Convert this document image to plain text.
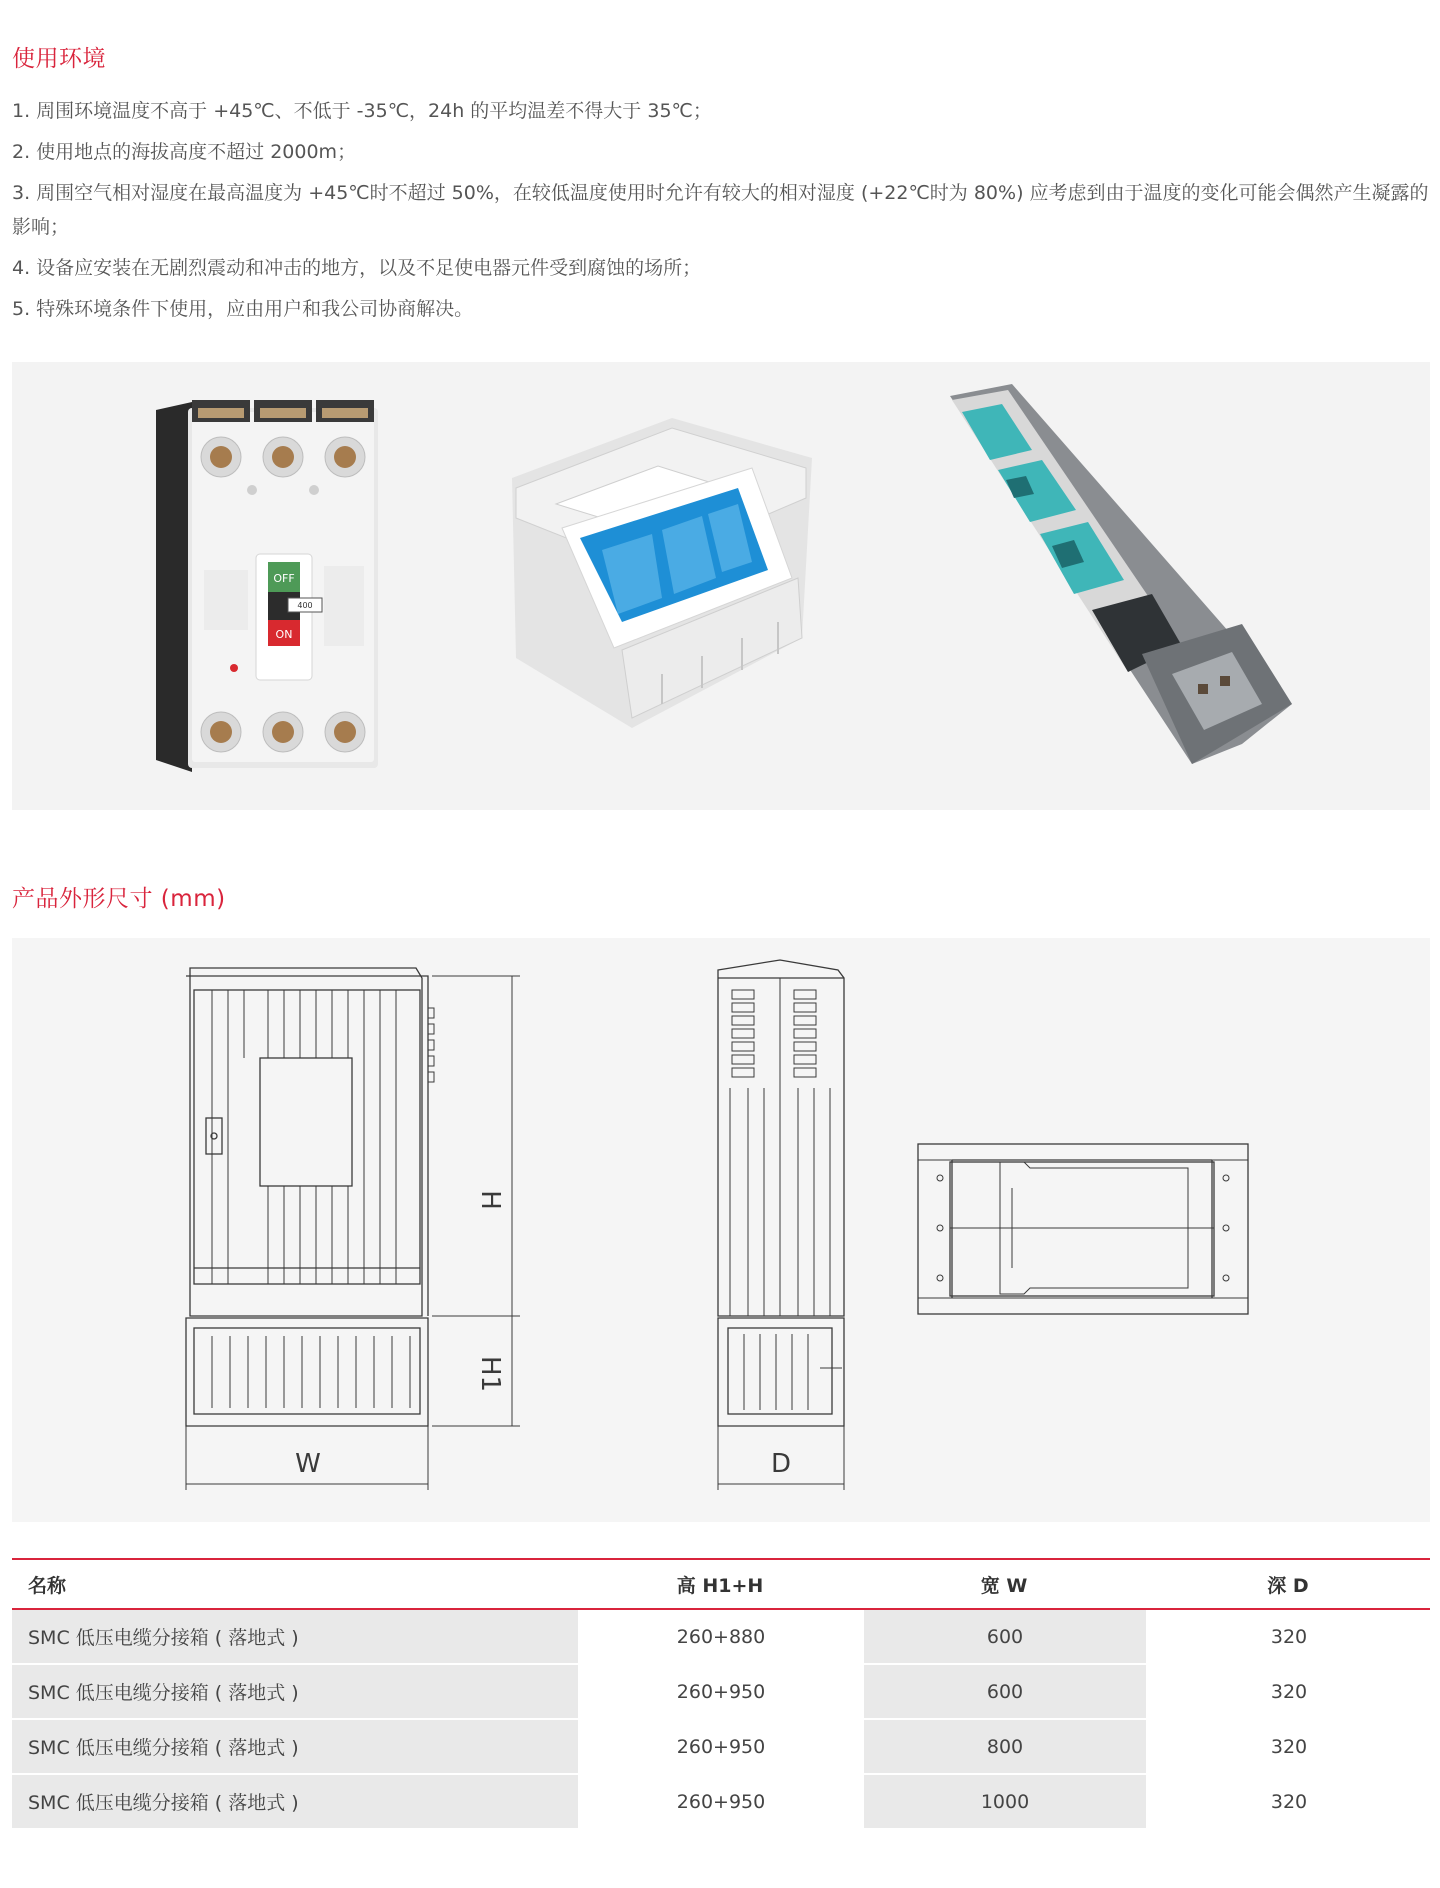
使用环境
1. 周围环境温度不高于 +45℃、不低于 -35℃，24h 的平均温差不得大于 35℃；
2. 使用地点的海拔高度不超过 2000m；
3. 周围空气相对湿度在最高温度为 +45℃时不超过 50%，在较低温度使用时允许有较大的相对湿度 (+22℃时为 80%) 应考虑到由于温度的变化可能会偶然产生凝露的影响；
4. 设备应安装在无剧烈震动和冲击的地方，以及不足使电器元件受到腐蚀的场所；
5. 特殊环境条件下使用，应由用户和我公司协商解决。
OFF
400
ON
产品外形尺寸 (mm)
H
H1
W	D
名称	高 H1+H	宽 W	深 D
SMC 低压电缆分接箱 ( 落地式 )	260+880	600	320
SMC 低压电缆分接箱 ( 落地式 )	260+950	600	320
SMC 低压电缆分接箱 ( 落地式 )	260+950	800	320
SMC 低压电缆分接箱 ( 落地式 )	260+950	1000	320
